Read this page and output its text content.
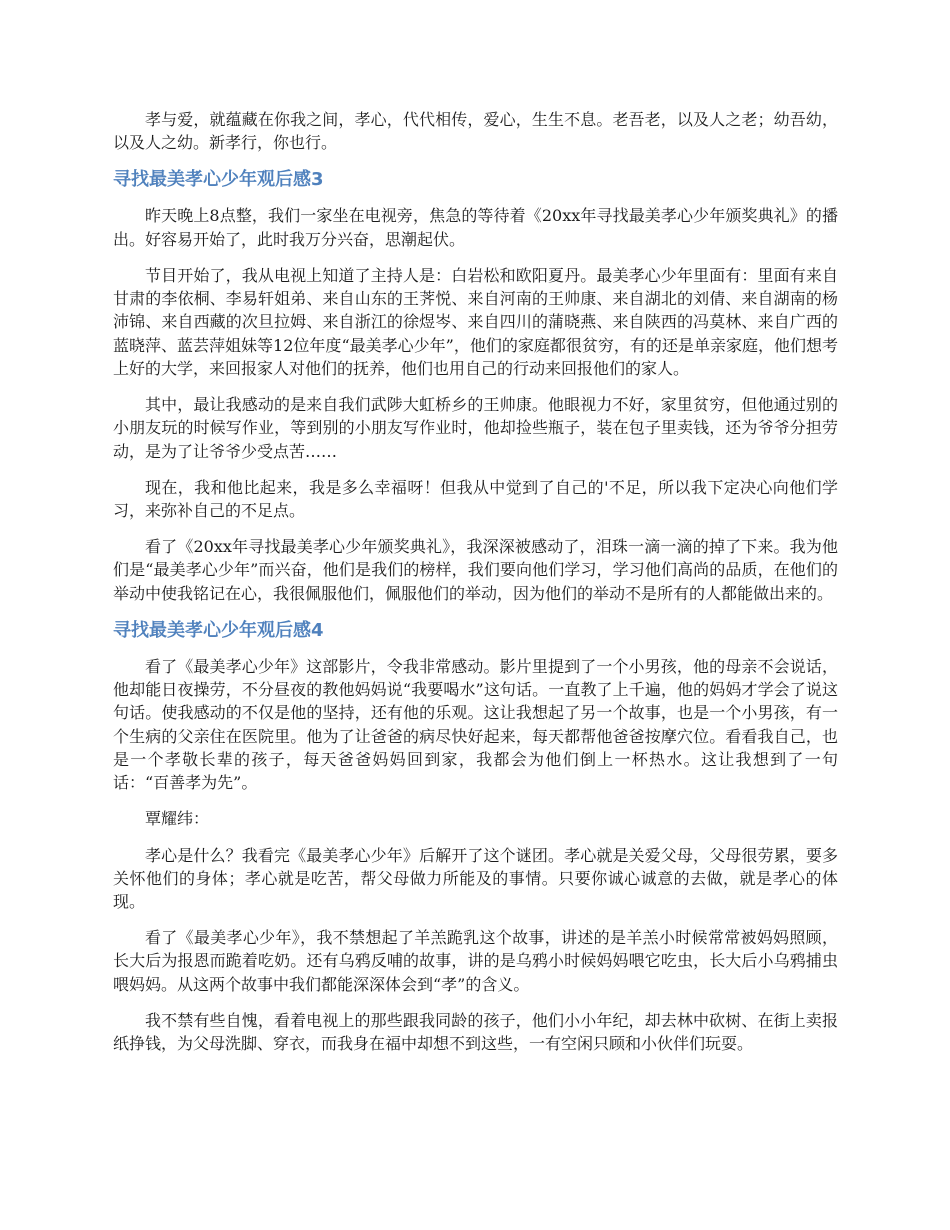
孝与爱，就蕴藏在你我之间，孝心，代代相传，爱心，生生不息。老吾老，以及人之老；幼吾幼，以及人之幼。新孝行，你也行。

寻找最美孝心少年观后感3

昨天晚上8点整，我们一家坐在电视旁，焦急的等待着《20xx年寻找最美孝心少年颁奖典礼》的播出。好容易开始了，此时我万分兴奋，思潮起伏。

节目开始了，我从电视上知道了主持人是：白岩松和欧阳夏丹。最美孝心少年里面有：里面有来自甘肃的李依桐、李易轩姐弟、来自山东的王荠悦、来自河南的王帅康、来自湖北的刘倩、来自湖南的杨沛锦、来自西藏的次旦拉姆、来自浙江的徐煜岑、来自四川的蒲晓燕、来自陕西的冯莫林、来自广西的蓝晓萍、蓝芸萍姐妹等12位年度“最美孝心少年”，他们的家庭都很贫穷，有的还是单亲家庭，他们想考上好的大学，来回报家人对他们的抚养，他们也用自己的行动来回报他们的家人。

其中，最让我感动的是来自我们武陟大虹桥乡的王帅康。他眼视力不好，家里贫穷，但他通过别的小朋友玩的时候写作业，等到别的小朋友写作业时，他却捡些瓶子，装在包子里卖钱，还为爷爷分担劳动，是为了让爷爷少受点苦……

现在，我和他比起来，我是多么幸福呀！但我从中觉到了自己的'不足，所以我下定决心向他们学习，来弥补自己的不足点。

看了《20xx年寻找最美孝心少年颁奖典礼》，我深深被感动了，泪珠一滴一滴的掉了下来。我为他们是“最美孝心少年”而兴奋，他们是我们的榜样，我们要向他们学习，学习他们高尚的品质，在他们的举动中使我铭记在心，我很佩服他们，佩服他们的举动，因为他们的举动不是所有的人都能做出来的。

寻找最美孝心少年观后感4

看了《最美孝心少年》这部影片，令我非常感动。影片里提到了一个小男孩，他的母亲不会说话，他却能日夜操劳，不分昼夜的教他妈妈说“我要喝水”这句话。一直教了上千遍，他的妈妈才学会了说这句话。使我感动的不仅是他的坚持，还有他的乐观。这让我想起了另一个故事，也是一个小男孩，有一个生病的父亲住在医院里。他为了让爸爸的病尽快好起来，每天都帮他爸爸按摩穴位。看看我自己，也是一个孝敬长辈的孩子，每天爸爸妈妈回到家，我都会为他们倒上一杯热水。这让我想到了一句话：“百善孝为先”。

覃耀纬：

孝心是什么？我看完《最美孝心少年》后解开了这个谜团。孝心就是关爱父母，父母很劳累，要多关怀他们的身体；孝心就是吃苦，帮父母做力所能及的事情。只要你诚心诚意的去做，就是孝心的体现。

看了《最美孝心少年》，我不禁想起了羊羔跪乳这个故事，讲述的是羊羔小时候常常被妈妈照顾，长大后为报恩而跪着吃奶。还有乌鸦反哺的故事，讲的是乌鸦小时候妈妈喂它吃虫，长大后小乌鸦捕虫喂妈妈。从这两个故事中我们都能深深体会到“孝”的含义。

我不禁有些自愧，看着电视上的那些跟我同龄的孩子，他们小小年纪，却去林中砍树、在街上卖报纸挣钱，为父母洗脚、穿衣，而我身在福中却想不到这些，一有空闲只顾和小伙伴们玩耍。
